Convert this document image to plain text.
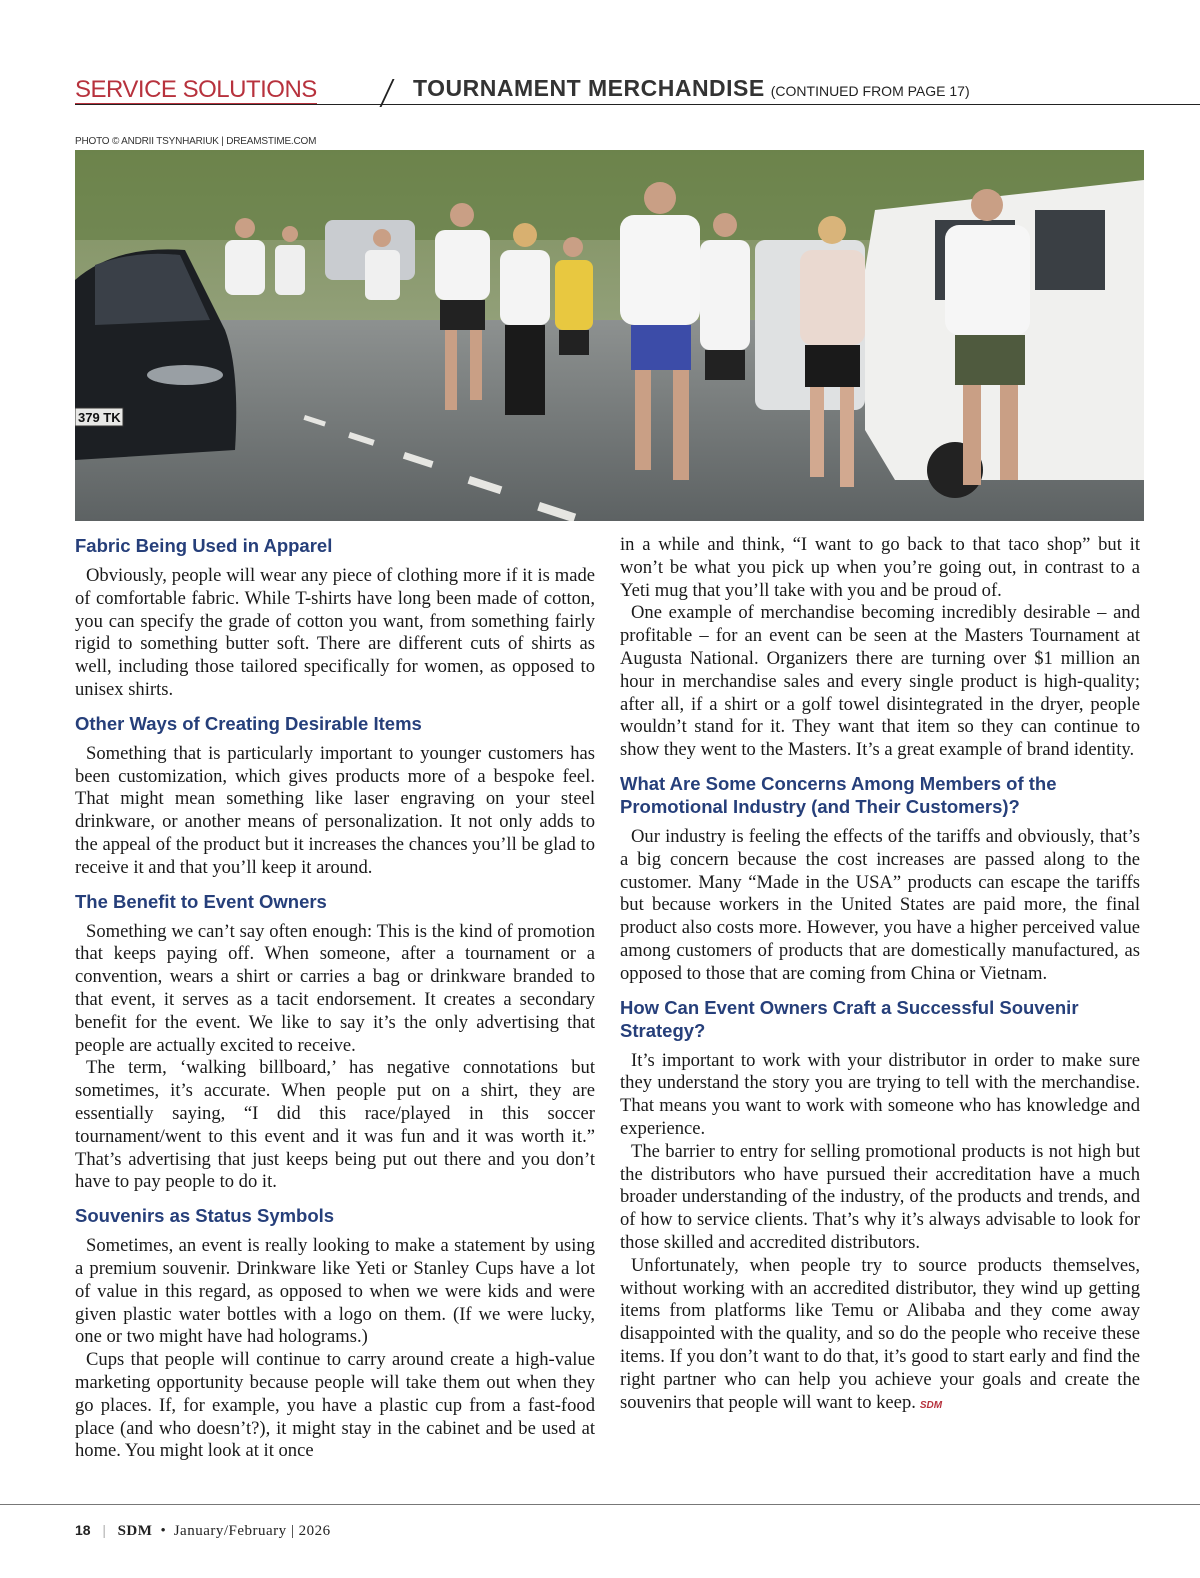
SERVICE SOLUTIONS	TOURNAMENT MERCHANDISE (CONTINUED FROM PAGE 17)
PHOTO © ANDRII TSYNHARIUK | DREAMSTIME.COM
379 TK
Fabric Being Used in Apparel

Obviously, people will wear any piece of clothing more if it is made of comfortable fabric. While T-shirts have long been made of cotton, you can specify the grade of cotton you want, from something fairly rigid to something butter soft. There are different cuts of shirts as well, including those tailored specifically for women, as opposed to unisex shirts.

Other Ways of Creating Desirable Items

Something that is particularly important to younger customers has been customization, which gives products more of a bespoke feel. That might mean something like laser engraving on your steel drinkware, or another means of personalization. It not only adds to the appeal of the product but it increases the chances you’ll be glad to receive it and that you’ll keep it around.

The Benefit to Event Owners

Something we can’t say often enough: This is the kind of promotion that keeps paying off. When someone, after a tournament or a convention, wears a shirt or carries a bag or drinkware branded to that event, it serves as a tacit endorsement. It creates a secondary benefit for the event. We like to say it’s the only advertising that people are actually excited to receive.

The term, ‘walking billboard,’ has negative connotations but sometimes, it’s accurate. When people put on a shirt, they are essentially saying, “I did this race/played in this soccer tournament/went to this event and it was fun and it was worth it.” That’s advertising that just keeps being put out there and you don’t have to pay people to do it.

Souvenirs as Status Symbols

Sometimes, an event is really looking to make a statement by using a premium souvenir. Drinkware like Yeti or Stanley Cups have a lot of value in this regard, as opposed to when we were kids and were given plastic water bottles with a logo on them. (If we were lucky, one or two might have had holograms.)

Cups that people will continue to carry around create a high-value marketing opportunity because people will take them out when they go places. If, for example, you have a plastic cup from a fast-food place (and who doesn’t?), it might stay in the cabinet and be used at home. You might look at it once

in a while and think, “I want to go back to that taco shop” but it won’t be what you pick up when you’re going out, in contrast to a Yeti mug that you’ll take with you and be proud of.

One example of merchandise becoming incredibly desirable – and profitable – for an event can be seen at the Masters Tournament at Augusta National. Organizers there are turning over $1 million an hour in merchandise sales and every single product is high-quality; after all, if a shirt or a golf towel disintegrated in the dryer, people wouldn’t stand for it. They want that item so they can continue to show they went to the Masters. It’s a great example of brand identity.

What Are Some Concerns Among Members of the Promotional Industry (and Their Customers)?

Our industry is feeling the effects of the tariffs and obviously, that’s a big concern because the cost increases are passed along to the customer. Many “Made in the USA” products can escape the tariffs but because workers in the United States are paid more, the final product also costs more. However, you have a higher perceived value among customers of products that are domestically manufactured, as opposed to those that are coming from China or Vietnam.

How Can Event Owners Craft a Successful Souvenir Strategy?

It’s important to work with your distributor in order to make sure they understand the story you are trying to tell with the merchandise. That means you want to work with someone who has knowledge and experience.

The barrier to entry for selling promotional products is not high but the distributors who have pursued their accreditation have a much broader understanding of the industry, of the products and trends, and of how to service clients. That’s why it’s always advisable to look for those skilled and accredited distributors.

Unfortunately, when people try to source products themselves, without working with an accredited distributor, they wind up getting items from platforms like Temu or Alibaba and they come away disappointed with the quality, and so do the people who receive these items. If you don’t want to do that, it’s good to start early and find the right partner who can help you achieve your goals and create the souvenirs that people will want to keep. SDM

18 | SDM • January/February | 2026
